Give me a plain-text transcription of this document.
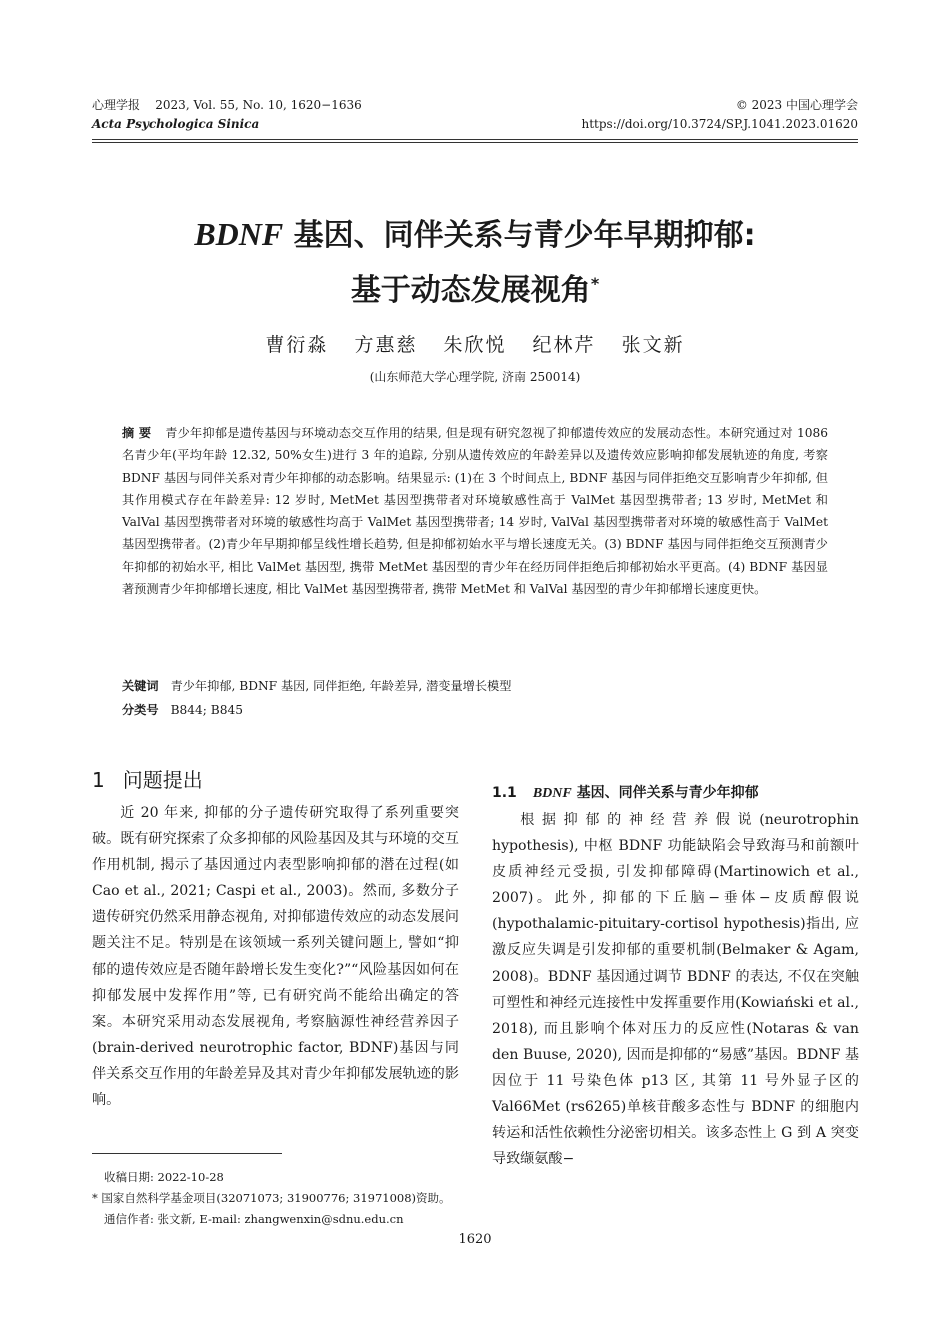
心理学报 2023, Vol. 55, No. 10, 1620−1636
Acta Psychologica Sinica
© 2023 中国心理学会
https://doi.org/10.3724/SP.J.1041.2023.01620
BDNF 基因、同伴关系与青少年早期抑郁:
基于动态发展视角*
曹衍淼 方惠慈 朱欣悦 纪林芹 张文新
(山东师范大学心理学院, 济南 250014)
摘 要 青少年抑郁是遗传基因与环境动态交互作用的结果, 但是现有研究忽视了抑郁遗传效应的发展动态性。本研究通过对 1086 名青少年(平均年龄 12.32, 50%女生)进行 3 年的追踪, 分别从遗传效应的年龄差异以及遗传效应影响抑郁发展轨迹的角度, 考察 BDNF 基因与同伴关系对青少年抑郁的动态影响。结果显示: (1)在 3 个时间点上, BDNF 基因与同伴拒绝交互影响青少年抑郁, 但其作用模式存在年龄差异: 12 岁时, MetMet 基因型携带者对环境敏感性高于 ValMet 基因型携带者; 13 岁时, MetMet 和 ValVal 基因型携带者对环境的敏感性均高于 ValMet 基因型携带者; 14 岁时, ValVal 基因型携带者对环境的敏感性高于 ValMet 基因型携带者。(2)青少年早期抑郁呈线性增长趋势, 但是抑郁初始水平与增长速度无关。(3) BDNF 基因与同伴拒绝交互预测青少年抑郁的初始水平, 相比 ValMet 基因型, 携带 MetMet 基因型的青少年在经历同伴拒绝后抑郁初始水平更高。(4) BDNF 基因显著预测青少年抑郁增长速度, 相比 ValMet 基因型携带者, 携带 MetMet 和 ValVal 基因型的青少年抑郁增长速度更快。
关键词 青少年抑郁, BDNF 基因, 同伴拒绝, 年龄差异, 潜变量增长模型
分类号 B844; B845
1 问题提出
近 20 年来, 抑郁的分子遗传研究取得了系列重要突破。既有研究探索了众多抑郁的风险基因及其与环境的交互作用机制, 揭示了基因通过内表型影响抑郁的潜在过程(如 Cao et al., 2021; Caspi et al., 2003)。然而, 多数分子遗传研究仍然采用静态视角, 对抑郁遗传效应的动态发展问题关注不足。特别是在该领域一系列关键问题上, 譬如“抑郁的遗传效应是否随年龄增长发生变化?”“风险基因如何在抑郁发展中发挥作用”等, 已有研究尚不能给出确定的答案。本研究采用动态发展视角, 考察脑源性神经营养因子(brain-derived neurotrophic factor, BDNF)基因与同伴关系交互作用的年龄差异及其对青少年抑郁发展轨迹的影响。
1.1 BDNF 基因、同伴关系与青少年抑郁

根据抑郁的神经营养假说(neurotrophin hypothesis), 中枢 BDNF 功能缺陷会导致海马和前额叶皮质神经元受损, 引发抑郁障碍(Martinowich et al., 2007)。此外, 抑郁的下丘脑−垂体−皮质醇假说(hypothalamic-pituitary-cortisol hypothesis)指出, 应激反应失调是引发抑郁的重要机制(Belmaker & Agam, 2008)。BDNF 基因通过调节 BDNF 的表达, 不仅在突触可塑性和神经元连接性中发挥重要作用(Kowiański et al., 2018), 而且影响个体对压力的反应性(Notaras & van den Buuse, 2020), 因而是抑郁的“易感”基因。BDNF 基因位于 11 号染色体 p13 区, 其第 11 号外显子区的 Val66Met (rs6265)单核苷酸多态性与 BDNF 的细胞内转运和活性依赖性分泌密切相关。该多态性上 G 到 A 突变导致缬氨酸−

收稿日期: 2022-10-28
* 国家自然科学基金项目(32071073; 31900776; 31971008)资助。
通信作者: 张文新, E-mail: zhangwenxin@sdnu.edu.cn
1620
